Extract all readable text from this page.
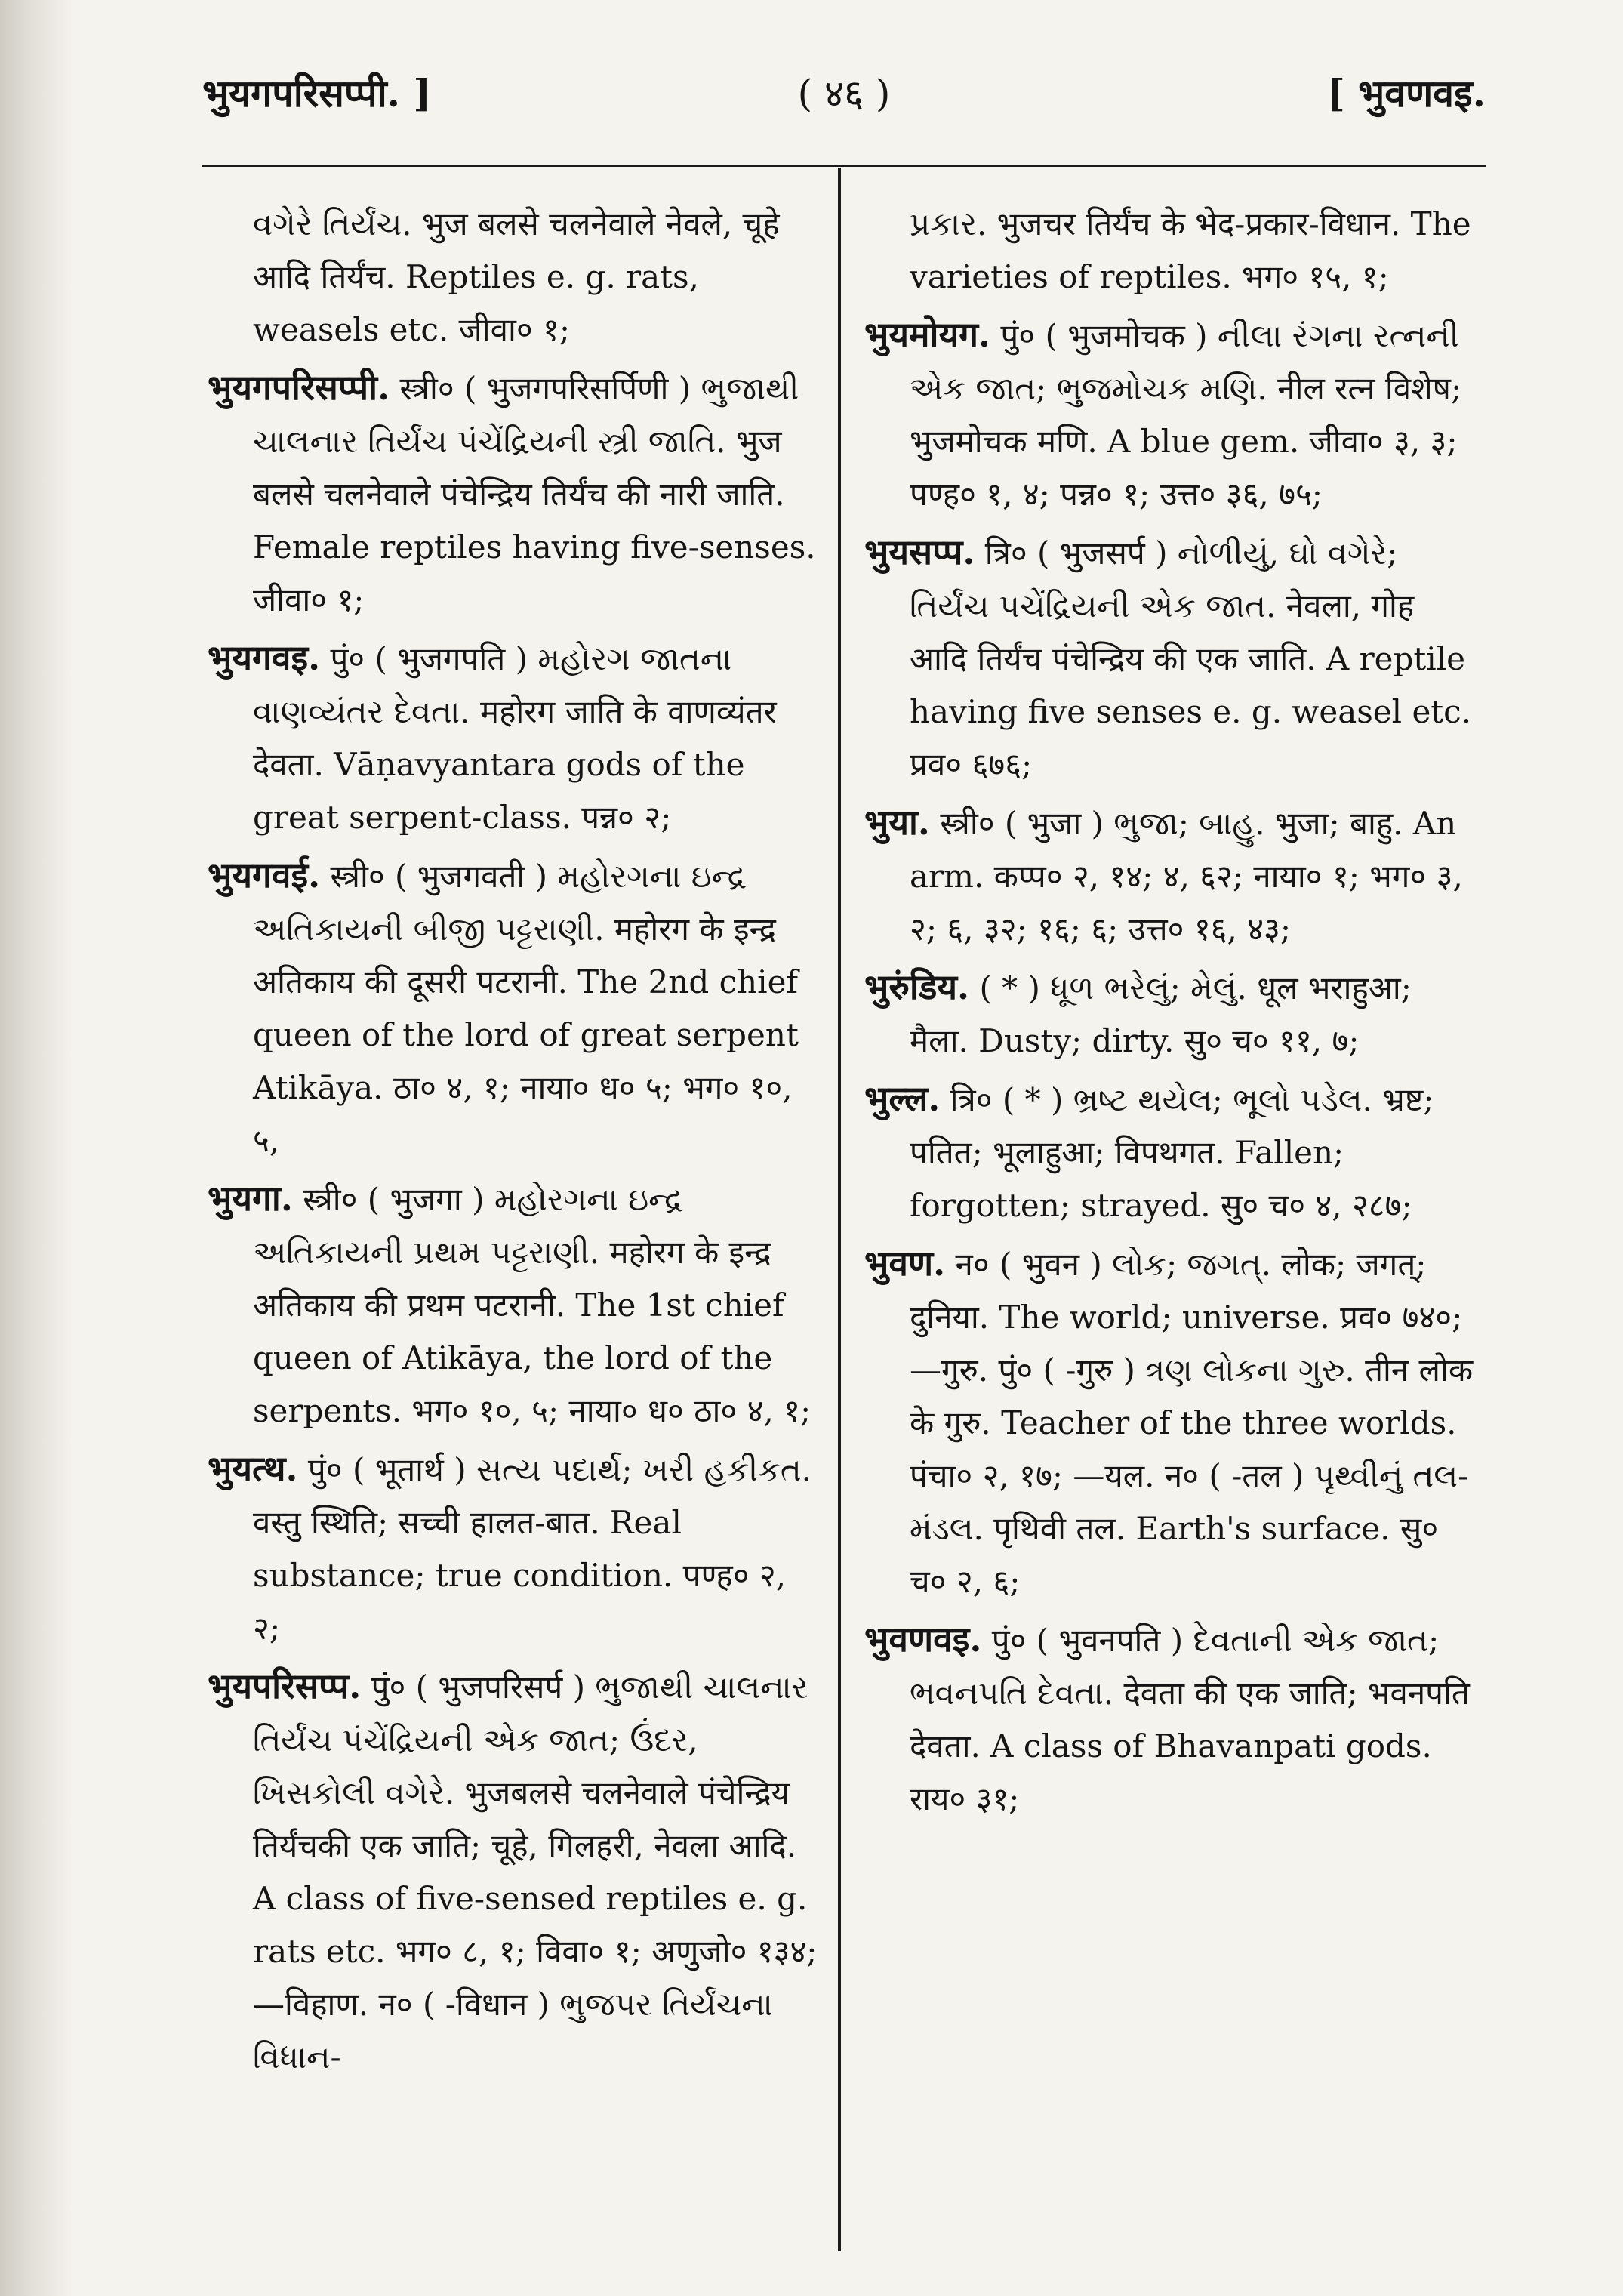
भुयगपरिसप्पी. ]	( ४६ )	[ भुवणवइ.
વગેરે તિર્યંચ. भुज बलसे चलनेवाले नेवले, चूहे आदि तिर्यंच. Reptiles e. g. rats, weasels etc. जीवा० १;
भुयगपरिसप्पी. स्त्री० ( भुजगपरिसर्पिणी ) ભુજાથી ચાલનાર તિર્યંચ પંચેંદ્રિયની સ્ત્રી જાતિ. भुज बलसे चलनेवाले पंचेन्द्रिय तिर्यंच की नारी जाति. Female reptiles having five-senses. जीवा० १;
भुयगवइ. पुं० ( भुजगपति ) મહોરગ જાતના વાણવ્યંતર દેવતા. महोरग जाति के वाणव्यंतर देवता. Vāṇavyantara gods of the great serpent-class. पन्न० २;
भुयगवई. स्त्री० ( भुजगवती ) મહોરગના ઇન્દ્ર અતિકાયની બીજી પટ્ટરાણી. महोरग के इन्द्र अतिकाय की दूसरी पटरानी. The 2nd chief queen of the lord of great serpent Atikāya. ठा० ४, १; नाया० ध० ५; भग० १०, ५,
भुयगा. स्त्री० ( भुजगा ) મહોરગના ઇન્દ્ર અતિકાયની પ્રથમ પટ્ટરાણી. महोरग के इन्द्र अतिकाय की प्रथम पटरानी. The 1st chief queen of Atikāya, the lord of the serpents. भग० १०, ५; नाया० ध० ठा० ४, १;
भुयत्थ. पुं० ( भूतार्थ ) સત્ય પદાર્થ; ખરી હકીકત. वस्तु स्थिति; सच्ची हालत-बात. Real substance; true condition. पण्ह० २, २;
भुयपरिसप्प. पुं० ( भुजपरिसर्प ) ભુજાથી ચાલનાર તિર્યંચ પંચેંદ્રિયની એક જાત; ઉંદર, ખિસકોલી વગેરે. भुजबलसे चलनेवाले पंचेन्द्रिय तिर्यंचकी एक जाति; चूहे, गिलहरी, नेवला आदि. A class of five-sensed reptiles e. g. rats etc. भग० ८, १; विवा० १; अणुजो० १३४; —विहाण. न० ( -विधान ) ભુજપર તિર્યંચના વિધાન-
પ્રકાર. भुजचर तिर्यंच के भेद-प्रकार-विधान. The varieties of reptiles. भग० १५, १;
भुयमोयग. पुं० ( भुजमोचक ) નીલા રંગના રત્નની એક જાત; ભુજમોચક મણિ. नील रत्न विशेष; भुजमोचक मणि. A blue gem. जीवा० ३, ३; पण्ह० १, ४; पन्न० १; उत्त० ३६, ७५;
भुयसप्प. त्रि० ( भुजसर्प ) નોળીયું, ઘો વગેરે; તિર્યંચ પચેંદ્રિયની એક જાત. नेवला, गोह आदि तिर्यंच पंचेन्द्रिय की एक जाति. A reptile having five senses e. g. weasel etc. प्रव० ६७६;
भुया. स्त्री० ( भुजा ) ભુજા; બાહુ. भुजा; बाहु. An arm. कप्प० २, १४; ४, ६२; नाया० १; भग० ३, २; ६, ३२; १६; ६; उत्त० १६, ४३;
भुरुंडिय. ( * ) ધૂળ ભરેલું; મેલું. धूल भराहुआ; मैला. Dusty; dirty. सु० च० ११, ७;
भुल्ल. त्रि० ( * ) ભ્રષ્ટ થયેલ; ભૂલો પડેલ. भ्रष्ट; पतित; भूलाहुआ; विपथगत. Fallen; forgotten; strayed. सु० च० ४, २८७;
भुवण. न० ( भुवन ) લોક; જગત્. लोक; जगत्; दुनिया. The world; universe. प्रव० ७४०; —गुरु. पुं० ( -गुरु ) ત્રણ લોકના ગુરુ. तीन लोक के गुरु. Teacher of the three worlds. पंचा० २, १७; —यल. न० ( -तल ) પૃથ્વીનું તલ-મંડલ. पृथिवी तल. Earth's surface. सु० च० २, ६;
भुवणवइ. पुं० ( भुवनपति ) દેવતાની એક જાત; ભવનપતિ દેવતા. देवता की एक जाति; भवनपति देवता. A class of Bhavanpati gods. राय० ३१;
